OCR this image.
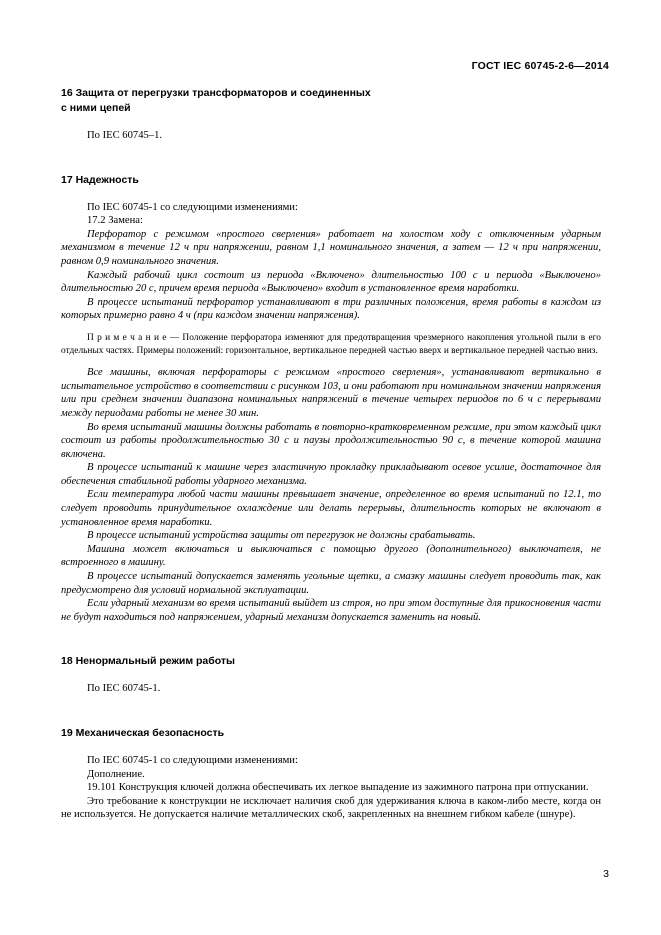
ГОСТ IEC 60745-2-6—2014
16 Защита от перегрузки трансформаторов и соединенных
с ними цепей

По IEC 60745–1.

17 Надежность

По IEC 60745-1 со следующими изменениями:

17.2 Замена:

Перфоратор с режимом «простого сверления» работает на холостом ходу с отключенным ударным механизмом в течение 12 ч при напряжении, равном 1,1 номинального значения, а затем — 12 ч при напряжении, равном 0,9 номинального значения.

Каждый рабочий цикл состоит из периода «Включено» длительностью 100 с и периода «Выключено» длительностью 20 с, причем время периода «Выключено» входит в установленное время наработки.

В процессе испытаний перфоратор устанавливают в три различных положения, время работы в каждом из которых примерно равно 4 ч (при каждом значении напряжения).

П р и м е ч а н и е — Положение перфоратора изменяют для предотвращения чрезмерного накопления угольной пыли в его отдельных частях. Примеры положений: горизонтальное, вертикальное передней частью вверх и вертикальное передней частью вниз.

Все машины, включая перфораторы с режимом «простого сверления», устанавливают вертикально в испытательное устройство в соответствии с рисунком 103, и они работают при номинальном значении напряжения или при среднем значении диапазона номинальных напряжений в течение четырех периодов по 6 ч с перерывами между периодами работы не менее 30 мин.

Во время испытаний машины должны работать в повторно-кратковременном режиме, при этом каждый цикл состоит из работы продолжительностью 30 с и паузы продолжительностью 90 с, в течение которой машина включена.

В процессе испытаний к машине через эластичную прокладку прикладывают осевое усилие, достаточное для обеспечения стабильной работы ударного механизма.

Если температура любой части машины превышает значение, определенное во время испытаний по 12.1, то следует проводить принудительное охлаждение или делать перерывы, длительность которых не включают в установленное время наработки.

В процессе испытаний устройства защиты от перегрузок не должны срабатывать.

Машина может включаться и выключаться с помощью другого (дополнительного) выключателя, не встроенного в машину.

В процессе испытаний допускается заменять угольные щетки, а смазку машины следует проводить так, как предусмотрено для условий нормальной эксплуатации.

Если ударный механизм во время испытаний выйдет из строя, но при этом доступные для прикосновения части не будут находиться под напряжением, ударный механизм допускается заменить на новый.

18 Ненормальный режим работы

По IEC 60745-1.

19 Механическая безопасность

По IEC 60745-1 со следующими изменениями:

Дополнение.

19.101 Конструкция ключей должна обеспечивать их легкое выпадение из зажимного патрона при отпускании.

Это требование к конструкции не исключает наличия скоб для удерживания ключа в каком-либо месте, когда он не используется. Не допускается наличие металлических скоб, закрепленных на внешнем гибком кабеле (шнуре).

3
